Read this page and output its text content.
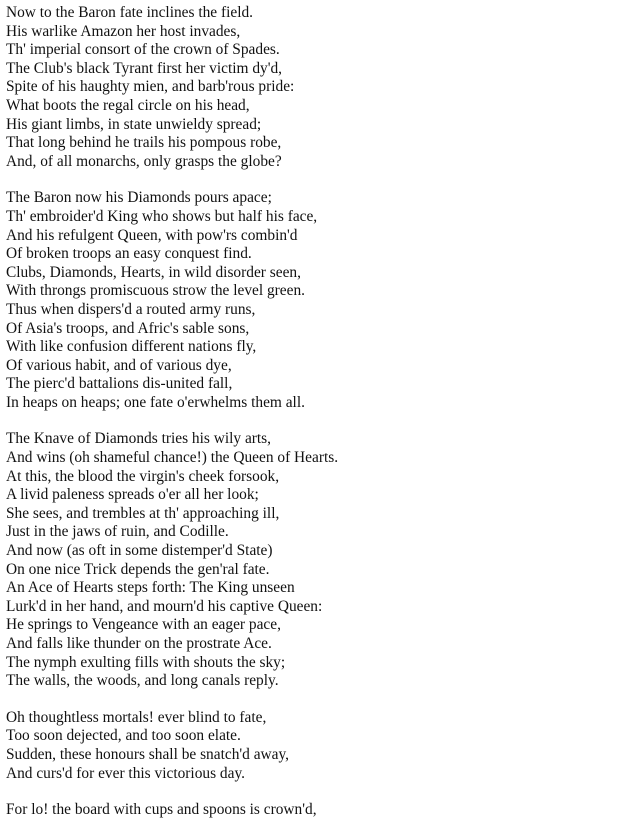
Now to the Baron fate inclines the field.
His warlike Amazon her host invades,
Th' imperial consort of the crown of Spades.
The Club's black Tyrant first her victim dy'd,
Spite of his haughty mien, and barb'rous pride:
What boots the regal circle on his head,
His giant limbs, in state unwieldy spread;
That long behind he trails his pompous robe,
And, of all monarchs, only grasps the globe?
The Baron now his Diamonds pours apace;
Th' embroider'd King who shows but half his face,
And his refulgent Queen, with pow'rs combin'd
Of broken troops an easy conquest find.
Clubs, Diamonds, Hearts, in wild disorder seen,
With throngs promiscuous strow the level green.
Thus when dispers'd a routed army runs,
Of Asia's troops, and Afric's sable sons,
With like confusion different nations fly,
Of various habit, and of various dye,
The pierc'd battalions dis-united fall,
In heaps on heaps; one fate o'erwhelms them all.
The Knave of Diamonds tries his wily arts,
And wins (oh shameful chance!) the Queen of Hearts.
At this, the blood the virgin's cheek forsook,
A livid paleness spreads o'er all her look;
She sees, and trembles at th' approaching ill,
Just in the jaws of ruin, and Codille.
And now (as oft in some distemper'd State)
On one nice Trick depends the gen'ral fate.
An Ace of Hearts steps forth: The King unseen
Lurk'd in her hand, and mourn'd his captive Queen:
He springs to Vengeance with an eager pace,
And falls like thunder on the prostrate Ace.
The nymph exulting fills with shouts the sky;
The walls, the woods, and long canals reply.
Oh thoughtless mortals! ever blind to fate,
Too soon dejected, and too soon elate.
Sudden, these honours shall be snatch'd away,
And curs'd for ever this victorious day.
For lo! the board with cups and spoons is crown'd,
